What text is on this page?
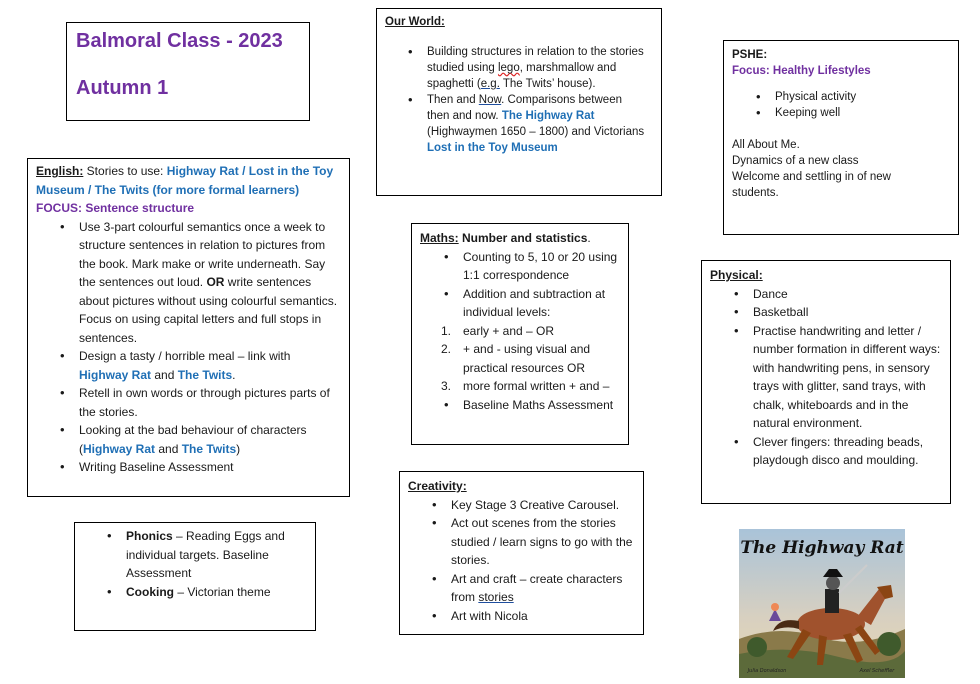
Balmoral Class - 2023
Autumn 1
Our World:
• Building structures in relation to the stories studied using lego, marshmallow and spaghetti (e.g. The Twits’ house).
• Then and Now. Comparisons between then and now. The Highway Rat (Highwaymen 1650 – 1800) and Victorians Lost in the Toy Museum
PSHE:
Focus: Healthy Lifestyles
• Physical activity
• Keeping well
All About Me.
Dynamics of a new class
Welcome and settling in of new students.
English: Stories to use: Highway Rat / Lost in the Toy Museum / The Twits (for more formal learners)
FOCUS: Sentence structure
• Use 3-part colourful semantics once a week to structure sentences in relation to pictures from the book. Mark make or write underneath. Say the sentences out loud. OR write sentences about pictures without using colourful semantics. Focus on using capital letters and full stops in sentences.
• Design a tasty / horrible meal – link with Highway Rat and The Twits.
• Retell in own words or through pictures parts of the stories.
• Looking at the bad behaviour of characters (Highway Rat and The Twits)
• Writing Baseline Assessment
Maths: Number and statistics.
• Counting to 5, 10 or 20 using 1:1 correspondence
• Addition and subtraction at individual levels:
1. early + and – OR
2. + and - using visual and practical resources OR
3. more formal written + and –
• Baseline Maths Assessment
Physical:
• Dance
• Basketball
• Practise handwriting and letter / number formation in different ways: with handwriting pens, in sensory trays with glitter, sand trays, with chalk, whiteboards and in the natural environment.
• Clever fingers: threading beads, playdough disco and moulding.
• Phonics – Reading Eggs and individual targets. Baseline Assessment
• Cooking – Victorian theme
Creativity:
• Key Stage 3 Creative Carousel.
• Act out scenes from the stories studied / learn signs to go with the stories.
• Art and craft – create characters from stories
• Art with Nicola
The Highway Rat
Julia Donaldson	Axel Scheffler
